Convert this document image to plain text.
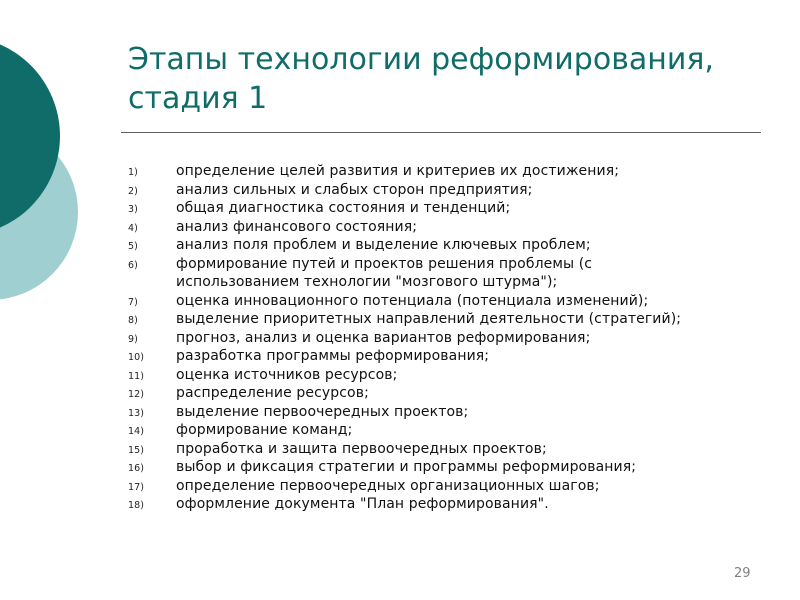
Этапы технологии реформирования,
стадия 1
1)	определение целей развития и критериев их достижения;
2)	анализ сильных и слабых сторон предприятия;
3)	общая диагностика состояния и тенденций;
4)	анализ финансового состояния;
5)	анализ поля проблем и выделение ключевых проблем;
6)	формирование путей и проектов решения проблемы (с использованием технологии "мозгового штурма");
7)	оценка инновационного потенциала (потенциала изменений);
8)	выделение приоритетных направлений деятельности (стратегий);
9)	прогноз, анализ и оценка вариантов реформирования;
10) разработка программы реформирования;
11) оценка источников ресурсов;
12) распределение ресурсов;
13) выделение первоочередных проектов;
14) формирование команд;
15) проработка и защита первоочередных проектов;
16) выбор и фиксация стратегии и программы реформирования;
17) определение первоочередных организационных шагов;
18) оформление документа "План реформирования".
29
